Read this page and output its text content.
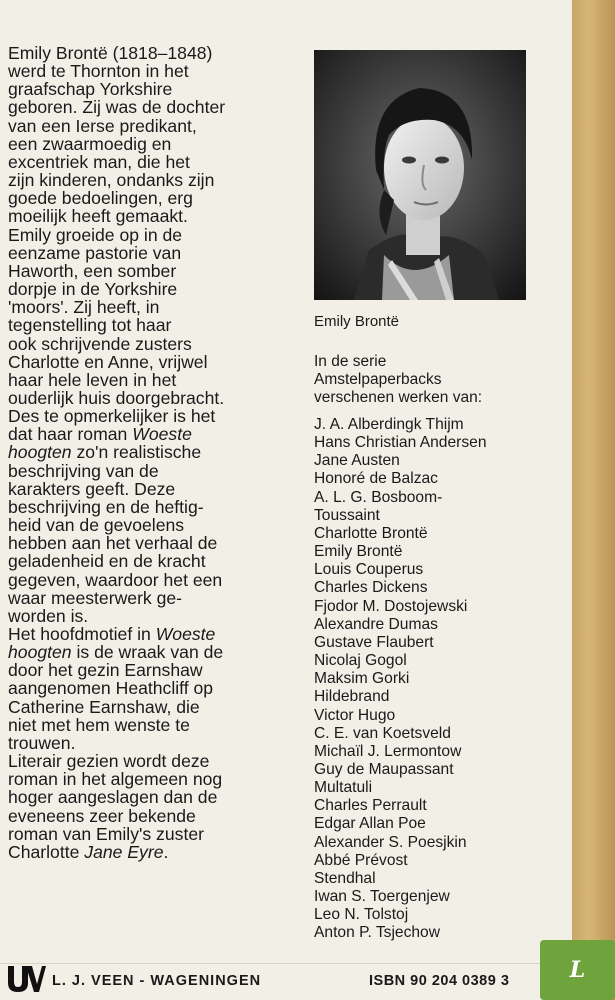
Emily Brontë (1818–1848)

werd te Thornton in het

graafschap Yorkshire

geboren. Zij was de dochter

van een Ierse predikant,

een zwaarmoedig en

excentriek man, die het

zijn kinderen, ondanks zijn

goede bedoelingen, erg

moeilijk heeft gemaakt.

Emily groeide op in de

eenzame pastorie van

Haworth, een somber

dorpje in de Yorkshire

'moors'. Zij heeft, in

tegenstelling tot haar

ook schrijvende zusters

Charlotte en Anne, vrijwel

haar hele leven in het

ouderlijk huis doorgebracht.

Des te opmerkelijker is het

dat haar roman Woeste

hoogten zo'n realistische

beschrijving van de

karakters geeft. Deze

beschrijving en de heftig-

heid van de gevoelens

hebben aan het verhaal de

geladenheid en de kracht

gegeven, waardoor het een

waar meesterwerk ge-

worden is.

Het hoofdmotief in Woeste

hoogten is de wraak van de

door het gezin Earnshaw

aangenomen Heathcliff op

Catherine Earnshaw, die

niet met hem wenste te

trouwen.

Literair gezien wordt deze

roman in het algemeen nog

hoger aangeslagen dan de

eveneens zeer bekende

roman van Emily's zuster

Charlotte Jane Eyre.

Emily Brontë
In de serie
Amstelpaperbacks
verschenen werken van:
J. A. Alberdingk Thijm
Hans Christian Andersen
Jane Austen
Honoré de Balzac
A. L. G. Bosboom-
Toussaint
Charlotte Brontë
Emily Brontë
Louis Couperus
Charles Dickens
Fjodor M. Dostojewski
Alexandre Dumas
Gustave Flaubert
Nicolaj Gogol
Maksim Gorki
Hildebrand
Victor Hugo
C. E. van Koetsveld
Michaïl J. Lermontow
Guy de Maupassant
Multatuli
Charles Perrault
Edgar Allan Poe
Alexander S. Poesjkin
Abbé Prévost
Stendhal
Iwan S. Toergenjew
Leo N. Tolstoj
Anton P. Tsjechow
L. J. VEEN - WAGENINGEN	ISBN 90 204 0389 3	L
